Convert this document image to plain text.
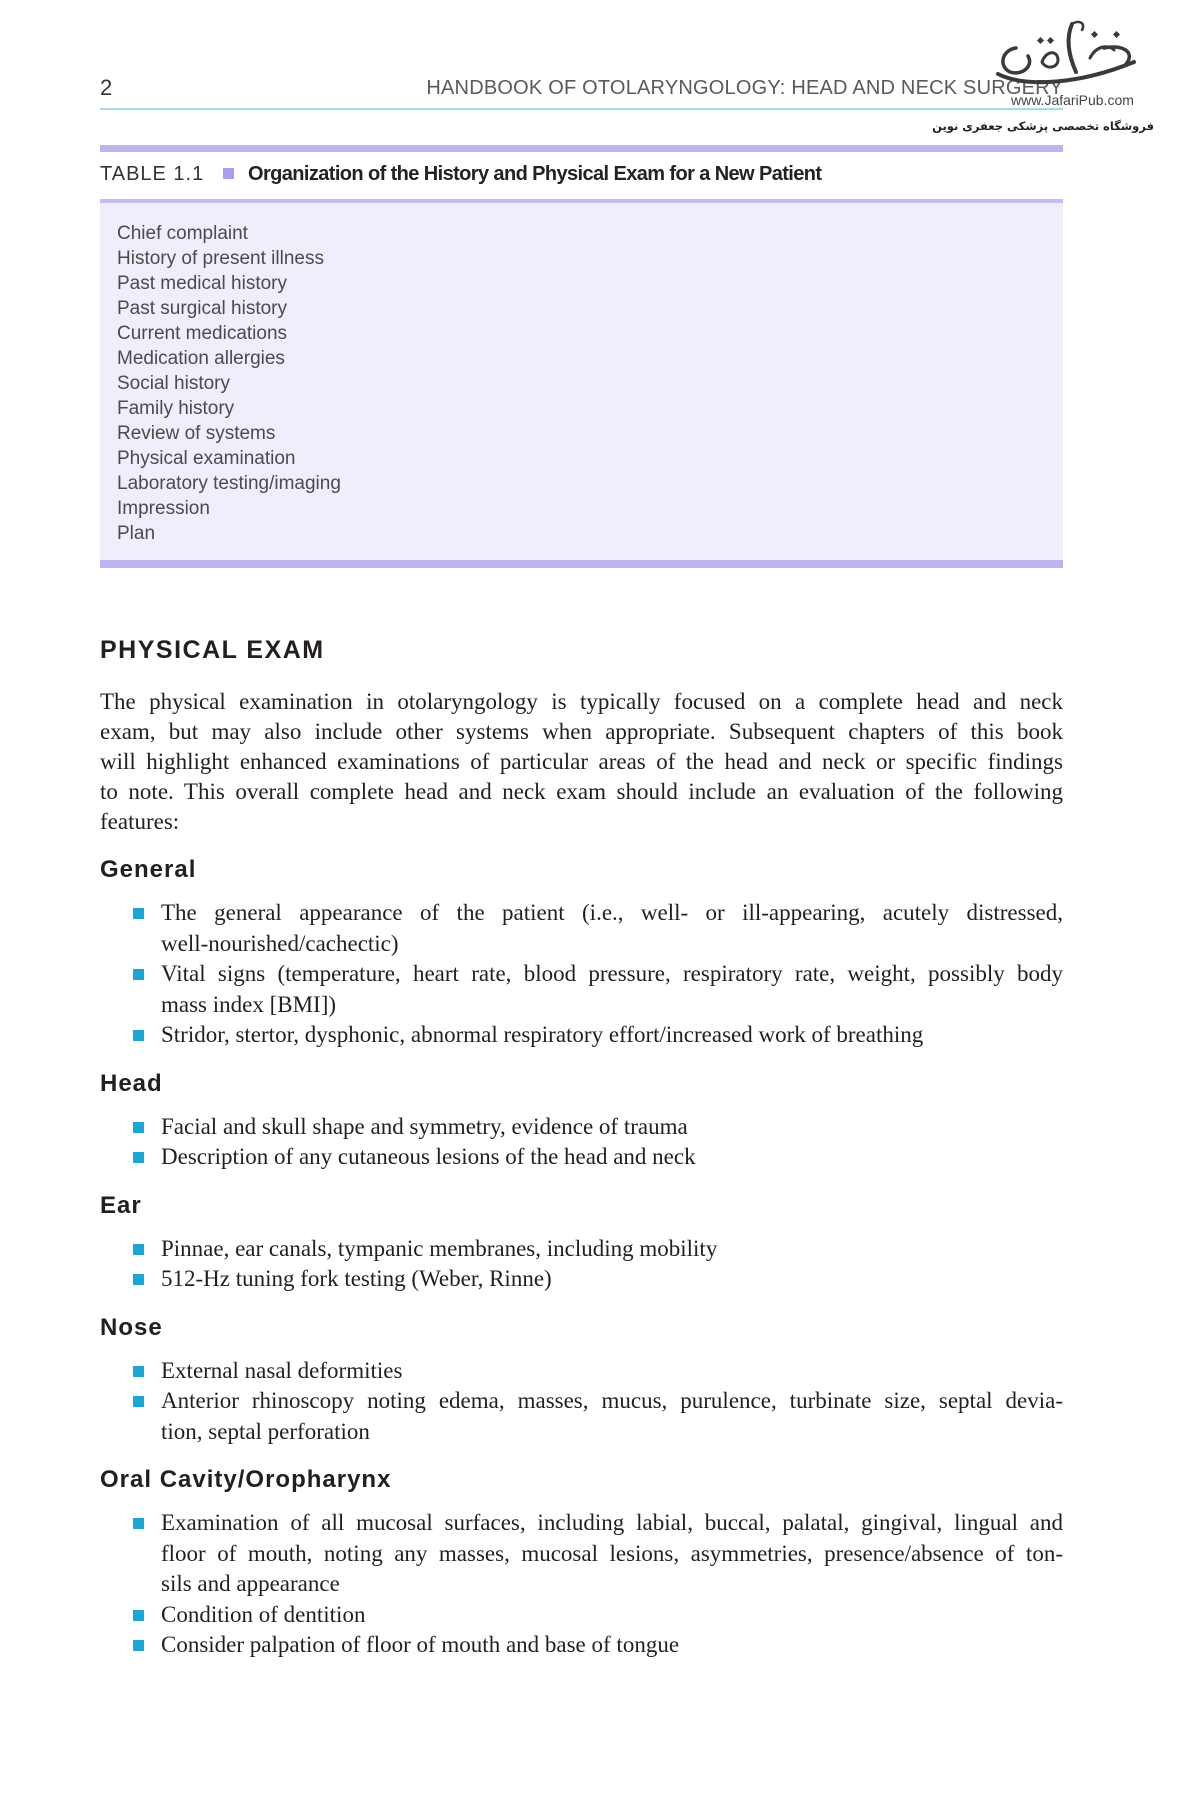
2	HANDBOOK OF OTOLARYNGOLOGY: HEAD AND NECK SURGERY
www.JafariPub.com
فروشگاه تخصصی پزشکی جعفری نوین
TABLE 1.1 Organization of the History and Physical Exam for a New Patient
Chief complaint
History of present illness
Past medical history
Past surgical history
Current medications
Medication allergies
Social history
Family history
Review of systems
Physical examination
Laboratory testing/imaging
Impression
Plan
PHYSICAL EXAM
The physical examination in otolaryngology is typically focused on a complete head and neck
exam, but may also include other systems when appropriate. Subsequent chapters of this book
will highlight enhanced examinations of particular areas of the head and neck or specific findings
to note. This overall complete head and neck exam should include an evaluation of the following
features:
General
The general appearance of the patient (i.e., well- or ill-appearing, acutely distressed,
well-nourished/cachectic)
Vital signs (temperature, heart rate, blood pressure, respiratory rate, weight, possibly body
mass index [BMI])
Stridor, stertor, dysphonic, abnormal respiratory effort/increased work of breathing
Head
Facial and skull shape and symmetry, evidence of trauma
Description of any cutaneous lesions of the head and neck
Ear
Pinnae, ear canals, tympanic membranes, including mobility
512-Hz tuning fork testing (Weber, Rinne)
Nose
External nasal deformities
Anterior rhinoscopy noting edema, masses, mucus, purulence, turbinate size, septal devia-
tion, septal perforation
Oral Cavity/Oropharynx
Examination of all mucosal surfaces, including labial, buccal, palatal, gingival, lingual and
floor of mouth, noting any masses, mucosal lesions, asymmetries, presence/absence of ton-
sils and appearance
Condition of dentition
Consider palpation of floor of mouth and base of tongue
